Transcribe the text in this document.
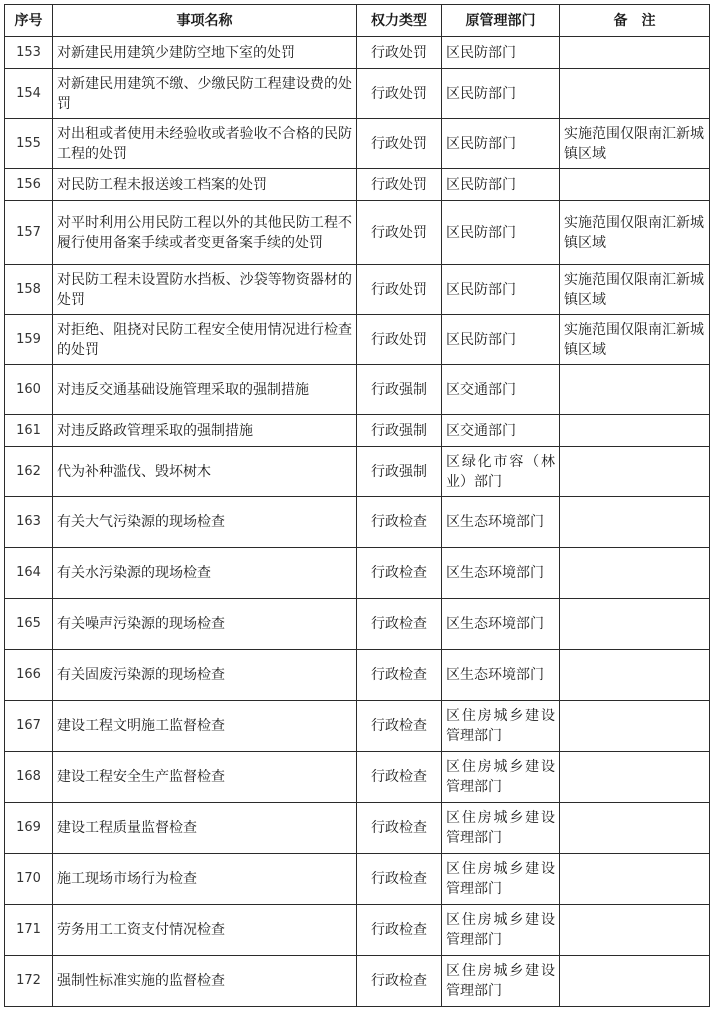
序号	事项名称	权力类型	原管理部门	备　注
153	对新建民用建筑少建防空地下室的处罚	行政处罚	区民防部门	
154	对新建民用建筑不缴、少缴民防工程建设费的处罚	行政处罚	区民防部门	
155	对出租或者使用未经验收或者验收不合格的民防工程的处罚	行政处罚	区民防部门	实施范围仅限南汇新城镇区域
156	对民防工程未报送竣工档案的处罚	行政处罚	区民防部门	
157	对平时利用公用民防工程以外的其他民防工程不履行使用备案手续或者变更备案手续的处罚	行政处罚	区民防部门	实施范围仅限南汇新城镇区域
158	对民防工程未设置防水挡板、沙袋等物资器材的处罚	行政处罚	区民防部门	实施范围仅限南汇新城镇区域
159	对拒绝、阻挠对民防工程安全使用情况进行检查的处罚	行政处罚	区民防部门	实施范围仅限南汇新城镇区域
160	对违反交通基础设施管理采取的强制措施	行政强制	区交通部门	
161	对违反路政管理采取的强制措施	行政强制	区交通部门	
162	代为补种滥伐、毁坏树木	行政强制	区绿化市容（林业）部门	
163	有关大气污染源的现场检查	行政检查	区生态环境部门	
164	有关水污染源的现场检查	行政检查	区生态环境部门	
165	有关噪声污染源的现场检查	行政检查	区生态环境部门	
166	有关固废污染源的现场检查	行政检查	区生态环境部门	
167	建设工程文明施工监督检查	行政检查	区住房城乡建设管理部门	
168	建设工程安全生产监督检查	行政检查	区住房城乡建设管理部门	
169	建设工程质量监督检查	行政检查	区住房城乡建设管理部门	
170	施工现场市场行为检查	行政检查	区住房城乡建设管理部门	
171	劳务用工工资支付情况检查	行政检查	区住房城乡建设管理部门	
172	强制性标准实施的监督检查	行政检查	区住房城乡建设管理部门	
